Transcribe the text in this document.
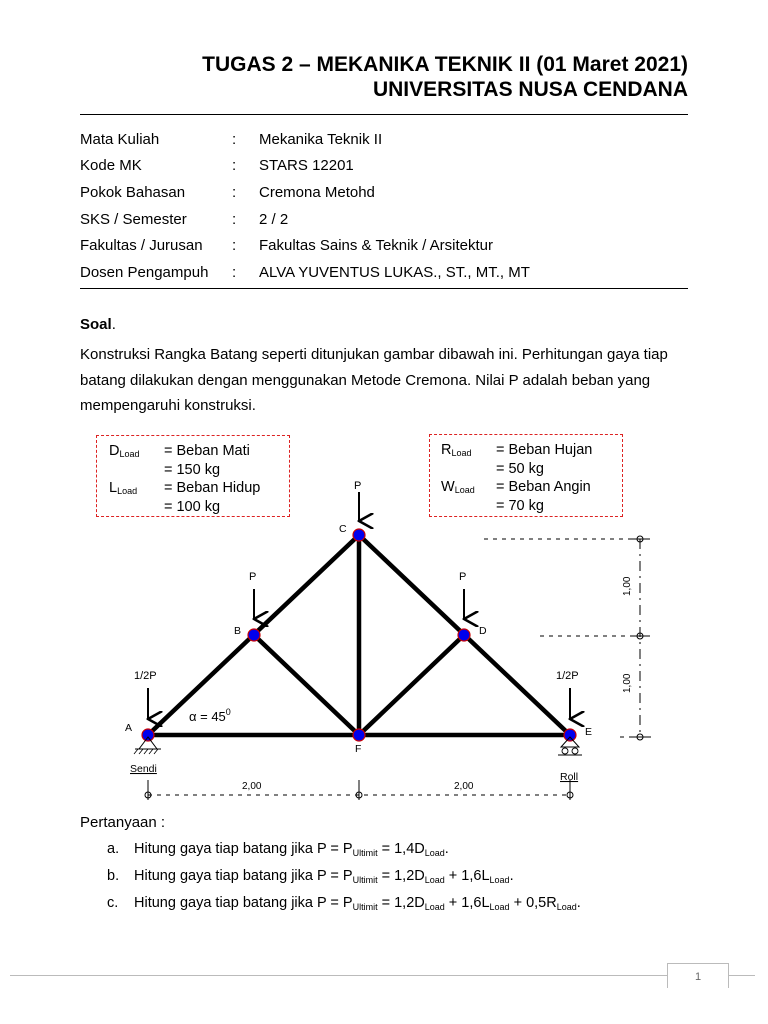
TUGAS 2 – MEKANIKA TEKNIK II (01 Maret 2021)
UNIVERSITAS NUSA CENDANA
Mata Kuliah	:	Mekanika Teknik II
Kode MK	:	STARS 12201
Pokok Bahasan	:	Cremona Metohd
SKS / Semester	:	2 / 2
Fakultas / Jurusan	:	Fakultas Sains & Teknik / Arsitektur
Dosen Pengampuh	:	ALVA YUVENTUS LUKAS., ST., MT., MT
Soal.
Konstruksi Rangka Batang seperti ditunjukan gambar dibawah ini. Perhitungan gaya tiap batang dilakukan dengan menggunakan Metode Cremona. Nilai P adalah beban yang mempengaruhi konstruksi.
$D_{Load}$	= Beban Mati
= 150 kg
$L_{Load}$	= Beban Hidup
= 100 kg
$R_{Load}$	= Beban Hujan
= 50 kg
$W_{Load}$	= Beban Angin
= 70 kg
A
B
C
D
E
F
P
P	P
1/2P	1/2P
$\alpha = 45^0$
Sendi
Roll
2,00	2,00
1,00
1,00
Pertanyaan :
a.	Hitung gaya tiap batang jika $P = P_{Ultimit} = 1,4D_{Load}$.
b.	Hitung gaya tiap batang jika $P = P_{Ultimit} = 1,2D_{Load} + 1,6L_{Load}$.
c.	Hitung gaya tiap batang jika $P = P_{Ultimit} = 1,2D_{Load} + 1,6L_{Load} + 0,5R_{Load}$.
1
